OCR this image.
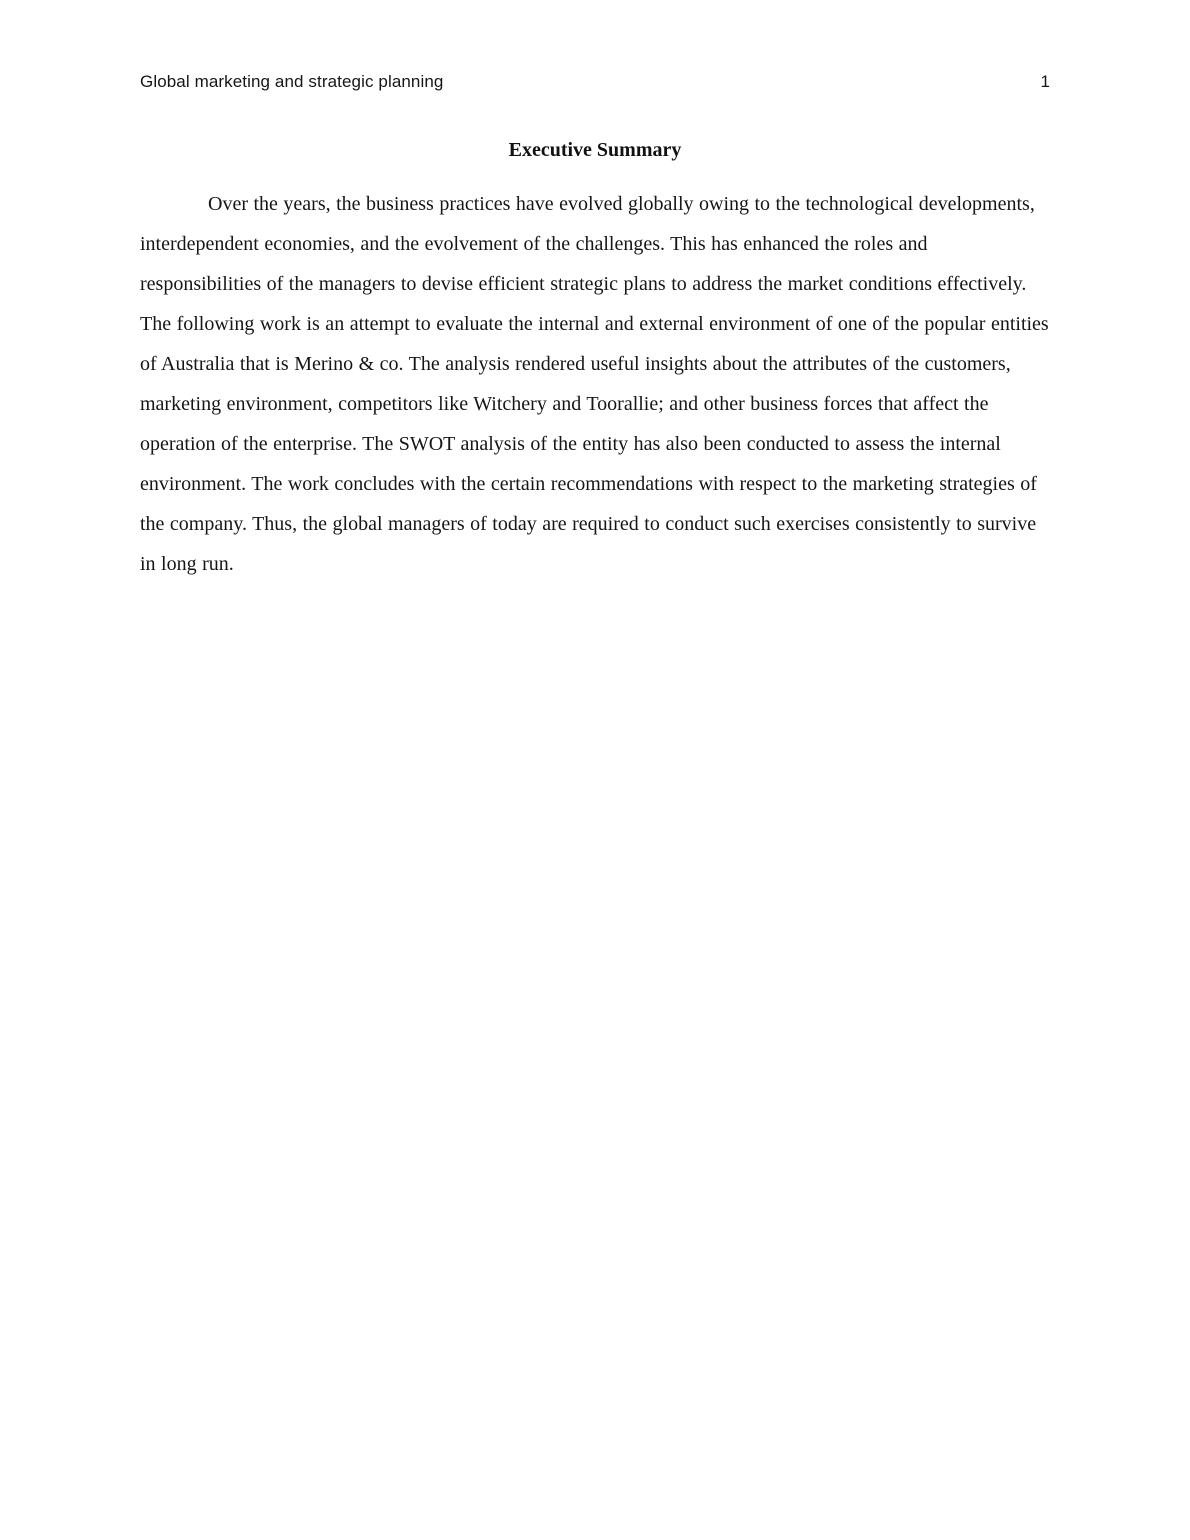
Global marketing and strategic planning	1
Executive Summary

Over the years, the business practices have evolved globally owing to the technological developments, interdependent economies, and the evolvement of the challenges. This has enhanced the roles and responsibilities of the managers to devise efficient strategic plans to address the market conditions effectively. The following work is an attempt to evaluate the internal and external environment of one of the popular entities of Australia that is Merino & co. The analysis rendered useful insights about the attributes of the customers, marketing environment, competitors like Witchery and Toorallie; and other business forces that affect the operation of the enterprise. The SWOT analysis of the entity has also been conducted to assess the internal environment. The work concludes with the certain recommendations with respect to the marketing strategies of the company. Thus, the global managers of today are required to conduct such exercises consistently to survive in long run.
